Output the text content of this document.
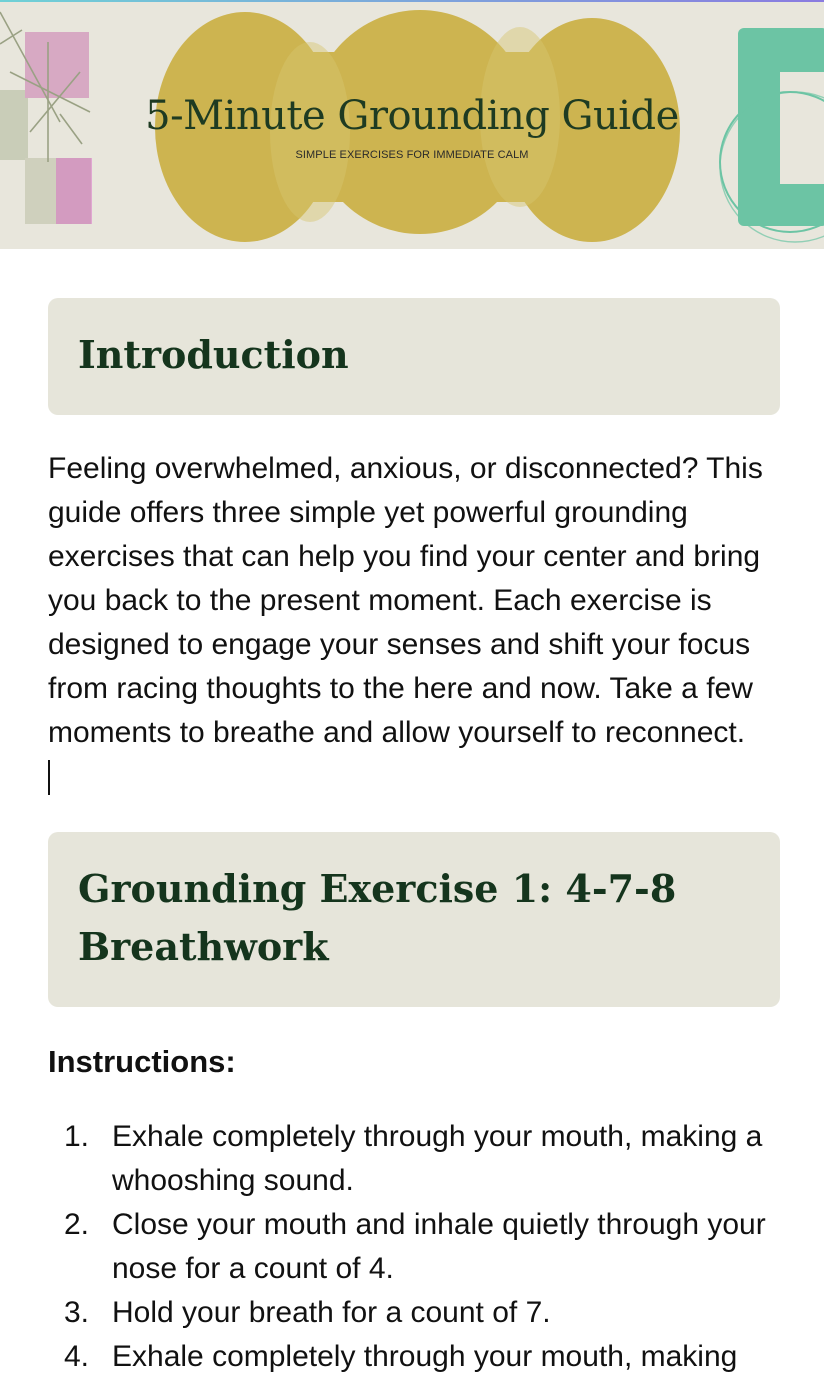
5-Minute Grounding Guide
SIMPLE EXERCISES FOR IMMEDIATE CALM
Introduction

Feeling overwhelmed, anxious, or disconnected? This guide offers three simple yet powerful grounding exercises that can help you find your center and bring you back to the present moment. Each exercise is designed to engage your senses and shift your focus from racing thoughts to the here and now. Take a few moments to breathe and allow yourself to reconnect.

Grounding Exercise 1: 4-7-8 Breathwork

Instructions:

1. Exhale completely through your mouth, making a whooshing sound.
2. Close your mouth and inhale quietly through your nose for a count of 4.
3. Hold your breath for a count of 7.
4. Exhale completely through your mouth, making
